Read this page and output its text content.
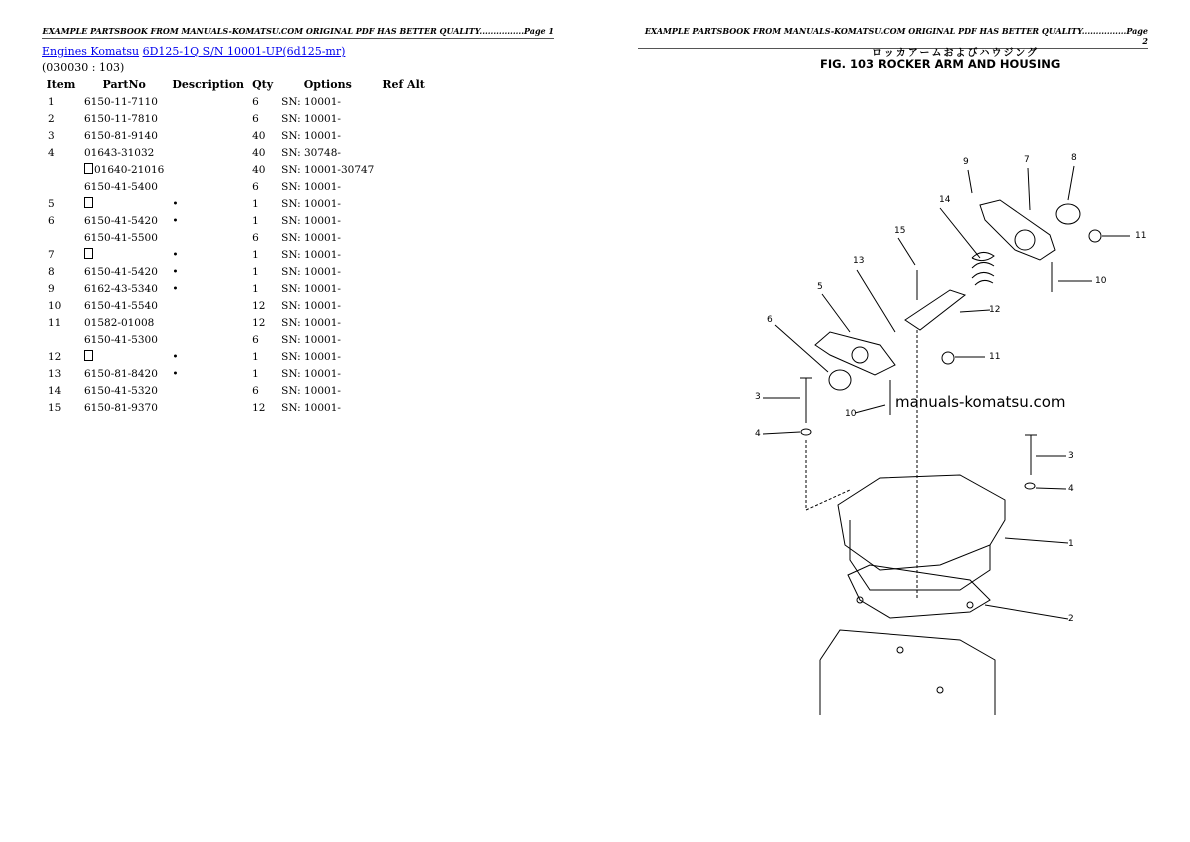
EXAMPLE PARTSBOOK FROM MANUALS-KOMATSU.COM ORIGINAL PDF HAS BETTER QUALITY................Page 1	EXAMPLE PARTSBOOK FROM MANUALS-KOMATSU.COM ORIGINAL PDF HAS BETTER QUALITY................Page 2
Engines Komatsu 6D125-1Q S/N 10001-UP(6d125-mr)
(030030 : 103)
Item	PartNo	Description	Qty	Options	Ref Alt
1	6150-11-7110		6	SN: 10001-	
2	6150-11-7810		6	SN: 10001-	
3	6150-81-9140		40	SN: 10001-	
4	01643-31032		40	SN: 30748-	
	01640-21016		40	SN: 10001-30747	
	6150-41-5400		6	SN: 10001-	
5		•	1	SN: 10001-	
6	6150-41-5420	•	1	SN: 10001-	
	6150-41-5500		6	SN: 10001-	
7		•	1	SN: 10001-	
8	6150-41-5420	•	1	SN: 10001-	
9	6162-43-5340	•	1	SN: 10001-	
10	6150-41-5540		12	SN: 10001-	
11	01582-01008		12	SN: 10001-	
	6150-41-5300		6	SN: 10001-	
12		•	1	SN: 10001-	
13	6150-81-8420	•	1	SN: 10001-	
14	6150-41-5320		6	SN: 10001-	
15	6150-81-9370		12	SN: 10001-	
ロッカアームおよびハウジング
FIG. 103 ROCKER ARM AND HOUSING
9	7	8
14
11
15
10
13
5
12
6
11
3
10
4
3
4
1
2
manuals-komatsu.com
